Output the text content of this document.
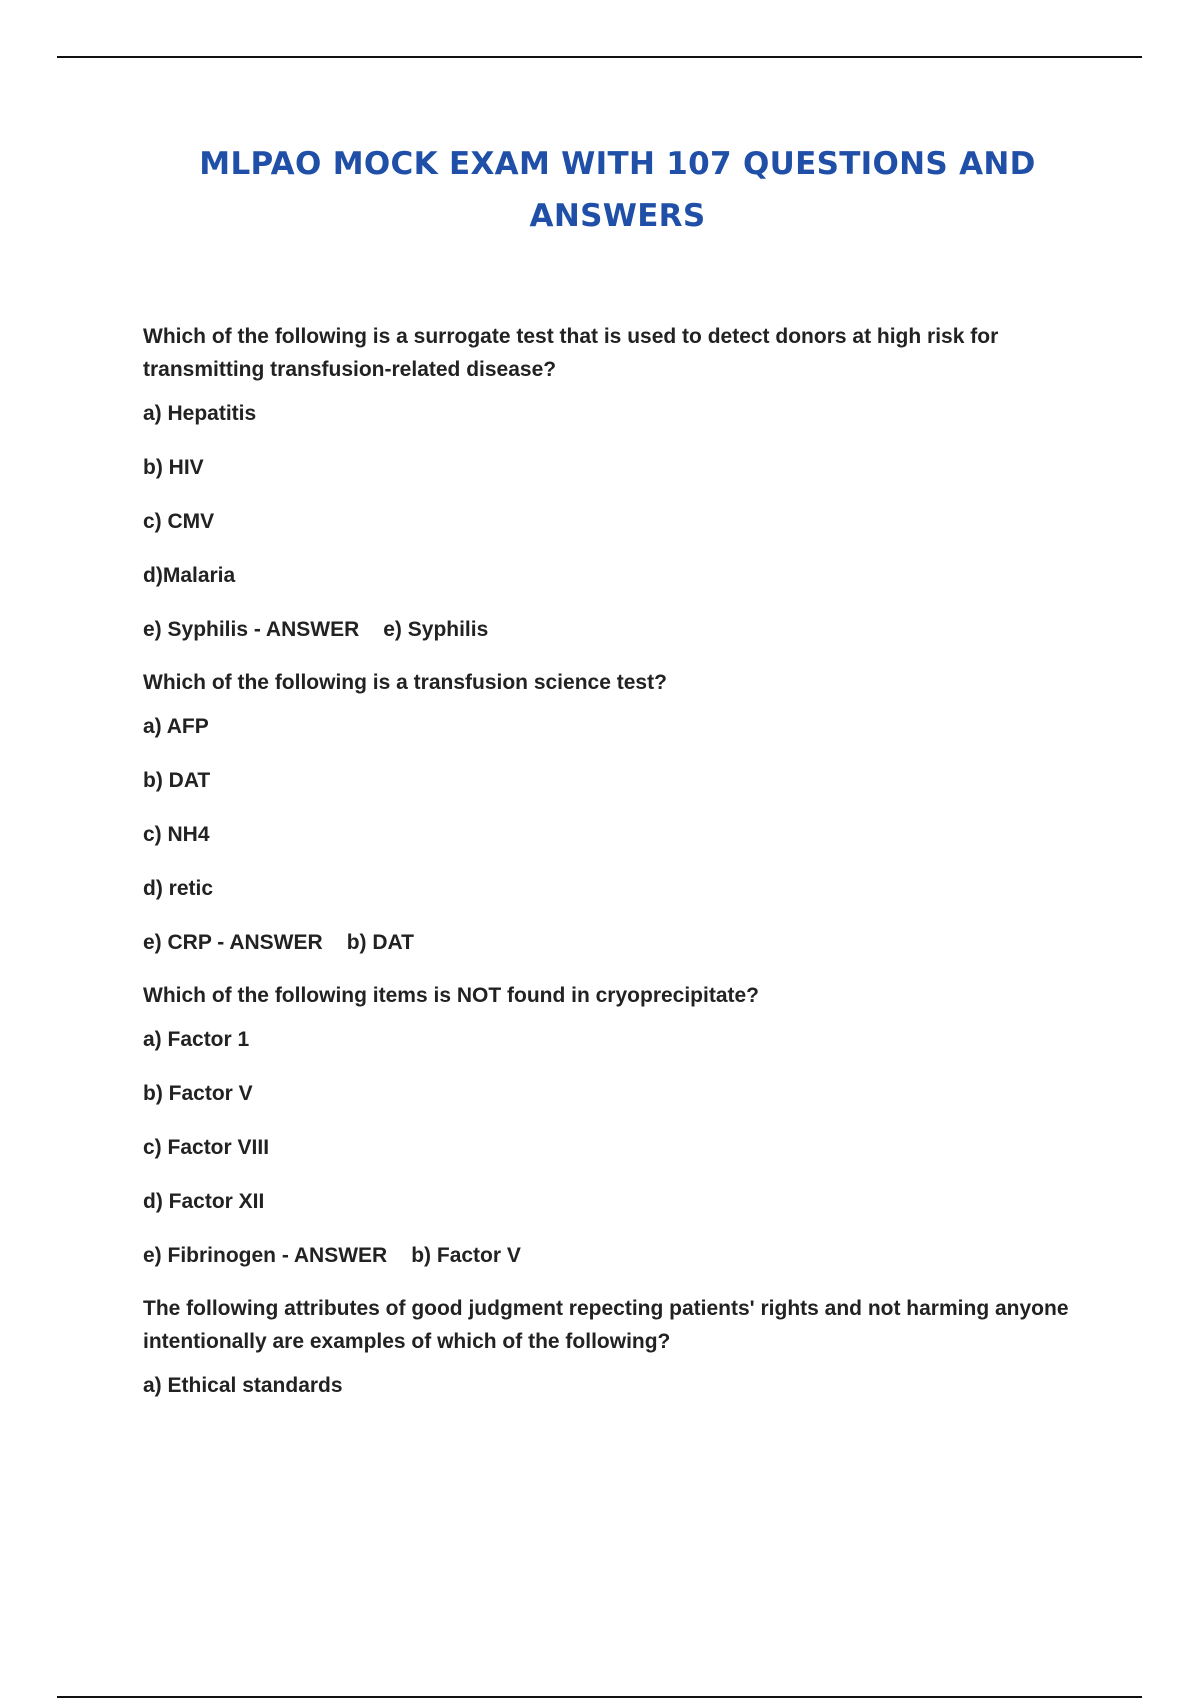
MLPAO MOCK EXAM WITH 107 QUESTIONS AND

ANSWERS

Which of the following is a surrogate test that is used to detect donors at high risk for transmitting transfusion-related disease?

a) Hepatitis

b) HIV

c) CMV

d)Malaria

e) Syphilis - ANSWER e) Syphilis

Which of the following is a transfusion science test?

a) AFP

b) DAT

c) NH4

d) retic

e) CRP - ANSWER b) DAT

Which of the following items is NOT found in cryoprecipitate?

a) Factor 1

b) Factor V

c) Factor VIII

d) Factor XII

e) Fibrinogen - ANSWER b) Factor V

The following attributes of good judgment repecting patients' rights and not harming anyone intentionally are examples of which of the following?

a) Ethical standards
